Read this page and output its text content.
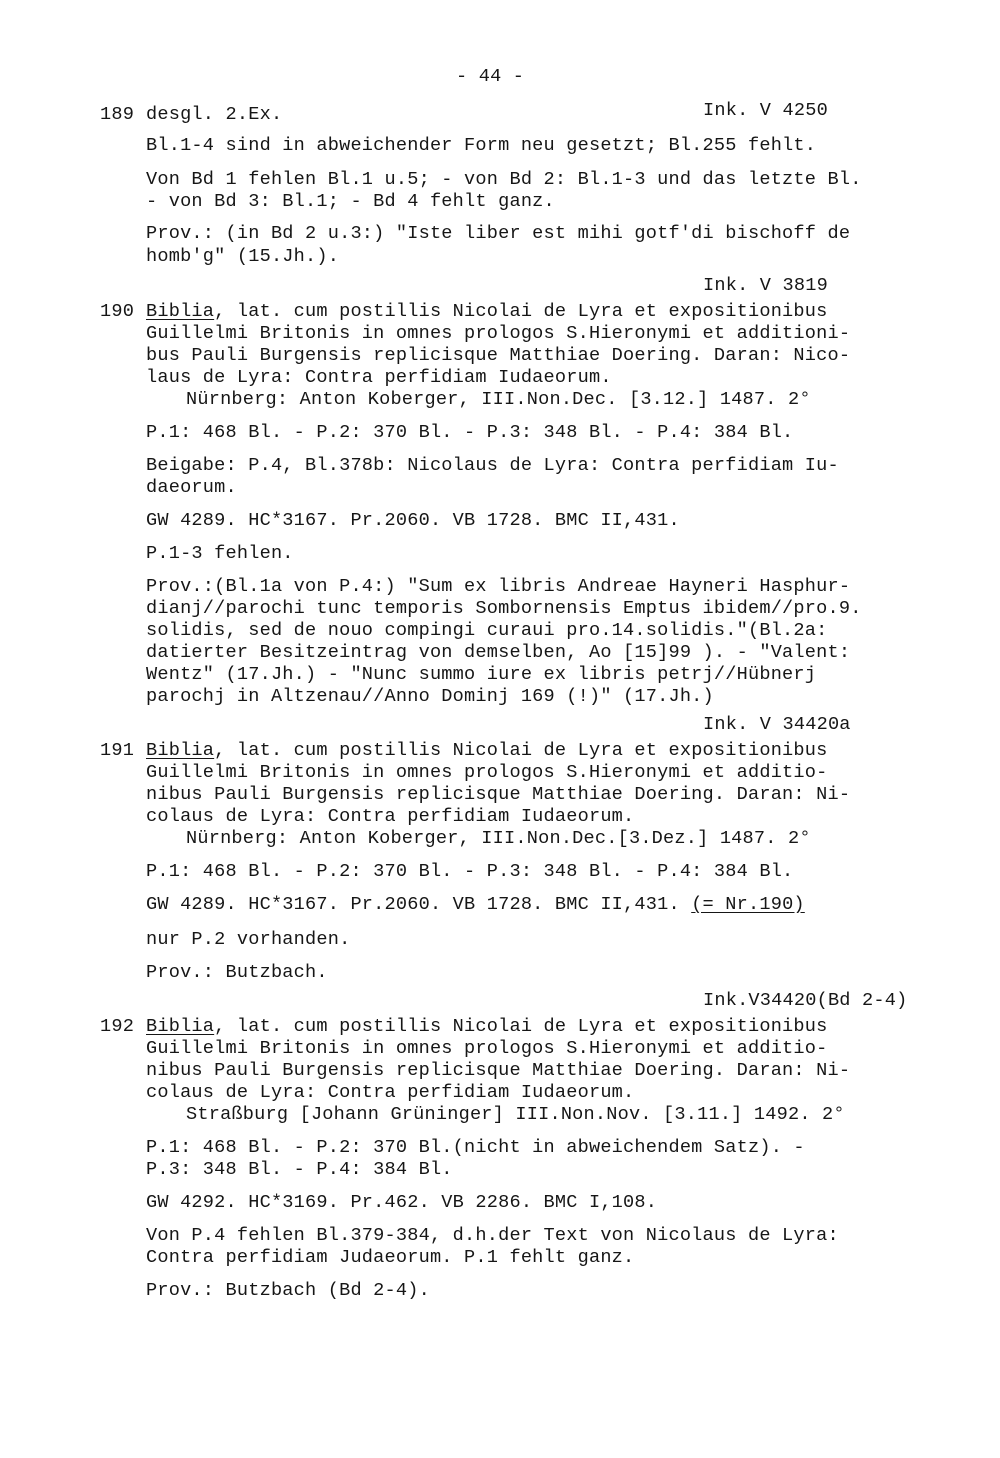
- 44 -
189 desgl. 2.Ex.	Ink. V 4250
Bl.1-4 sind in abweichender Form neu gesetzt; Bl.255 fehlt.
Von Bd 1 fehlen Bl.1 u.5; - von Bd 2: Bl.1-3 und das letzte Bl.
- von Bd 3: Bl.1; - Bd 4 fehlt ganz.
Prov.: (in Bd 2 u.3:) "Iste liber est mihi gotf'di bischoff de
homb'g" (15.Jh.).
Ink. V 3819
190 Biblia, lat. cum postillis Nicolai de Lyra et expositionibus
Guillelmi Britonis in omnes prologos S.Hieronymi et additioni-
bus Pauli Burgensis replicisque Matthiae Doering. Daran: Nico-
laus de Lyra: Contra perfidiam Iudaeorum.
Nürnberg: Anton Koberger, III.Non.Dec. [3.12.] 1487. 2°
P.1: 468 Bl. - P.2: 370 Bl. - P.3: 348 Bl. - P.4: 384 Bl.
Beigabe: P.4, Bl.378b: Nicolaus de Lyra: Contra perfidiam Iu-
daeorum.
GW 4289. HC*3167. Pr.2060. VB 1728. BMC II,431.
P.1-3 fehlen.
Prov.:(Bl.1a von P.4:) "Sum ex libris Andreae Hayneri Hasphur-
dianj//parochi tunc temporis Sombornensis Emptus ibidem//pro.9.
solidis, sed de nouo compingi curaui pro.14.solidis."(Bl.2a:
datierter Besitzeintrag von demselben, Ao [15]99 ). - "Valent:
Wentz" (17.Jh.) - "Nunc summo iure ex libris petrj//Hübnerj
parochj in Altzenau//Anno Dominj 169 (!)" (17.Jh.)
Ink. V 34420a
191 Biblia, lat. cum postillis Nicolai de Lyra et expositionibus
Guillelmi Britonis in omnes prologos S.Hieronymi et additio-
nibus Pauli Burgensis replicisque Matthiae Doering. Daran: Ni-
colaus de Lyra: Contra perfidiam Iudaeorum.
Nürnberg: Anton Koberger, III.Non.Dec.[3.Dez.] 1487. 2°
P.1: 468 Bl. - P.2: 370 Bl. - P.3: 348 Bl. - P.4: 384 Bl.
GW 4289. HC*3167. Pr.2060. VB 1728. BMC II,431. (= Nr.190)
nur P.2 vorhanden.
Prov.: Butzbach.
Ink.V34420(Bd 2-4)
192 Biblia, lat. cum postillis Nicolai de Lyra et expositionibus
Guillelmi Britonis in omnes prologos S.Hieronymi et additio-
nibus Pauli Burgensis replicisque Matthiae Doering. Daran: Ni-
colaus de Lyra: Contra perfidiam Iudaeorum.
Straßburg [Johann Grüninger] III.Non.Nov. [3.11.] 1492. 2°
P.1: 468 Bl. - P.2: 370 Bl.(nicht in abweichendem Satz). -
P.3: 348 Bl. - P.4: 384 Bl.
GW 4292. HC*3169. Pr.462. VB 2286. BMC I,108.
Von P.4 fehlen Bl.379-384, d.h.der Text von Nicolaus de Lyra:
Contra perfidiam Judaeorum. P.1 fehlt ganz.
Prov.: Butzbach (Bd 2-4).
